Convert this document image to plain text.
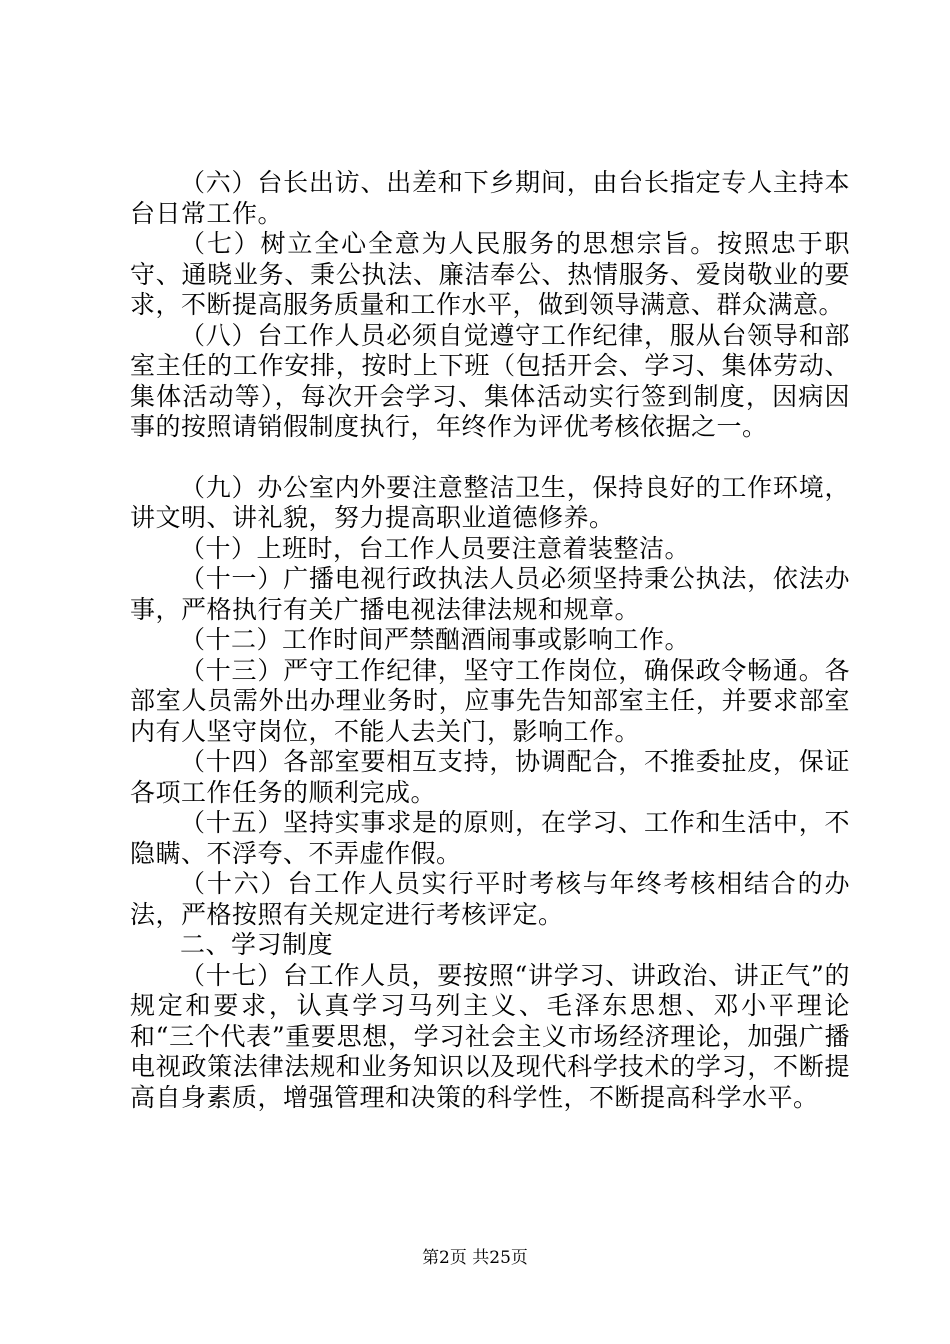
（六）台长出访、出差和下乡期间，由台长指定专人主持本台日常工作。

（七）树立全心全意为人民服务的思想宗旨。按照忠于职守、通晓业务、秉公执法、廉洁奉公、热情服务、爱岗敬业的要求，不断提高服务质量和工作水平，做到领导满意、群众满意。

（八）台工作人员必须自觉遵守工作纪律，服从台领导和部室主任的工作安排，按时上下班（包括开会、学习、集体劳动、集体活动等），每次开会学习、集体活动实行签到制度，因病因事的按照请销假制度执行，年终作为评优考核依据之一。

（九）办公室内外要注意整洁卫生，保持良好的工作环境，讲文明、讲礼貌，努力提高职业道德修养。

（十）上班时，台工作人员要注意着装整洁。

（十一）广播电视行政执法人员必须坚持秉公执法，依法办事，严格执行有关广播电视法律法规和规章。

（十二）工作时间严禁酗酒闹事或影响工作。

（十三）严守工作纪律，坚守工作岗位，确保政令畅通。各部室人员需外出办理业务时，应事先告知部室主任，并要求部室内有人坚守岗位，不能人去关门，影响工作。

（十四）各部室要相互支持，协调配合，不推委扯皮，保证各项工作任务的顺利完成。

（十五）坚持实事求是的原则，在学习、工作和生活中，不隐瞒、不浮夸、不弄虚作假。

（十六）台工作人员实行平时考核与年终考核相结合的办法，严格按照有关规定进行考核评定。

二、学习制度

（十七）台工作人员，要按照“讲学习、讲政治、讲正气”的规定和要求，认真学习马列主义、毛泽东思想、邓小平理论和“三个代表”重要思想，学习社会主义市场经济理论，加强广播电视政策法律法规和业务知识以及现代科学技术的学习，不断提高自身素质，增强管理和决策的科学性，不断提高科学水平。

第2页 共25页
